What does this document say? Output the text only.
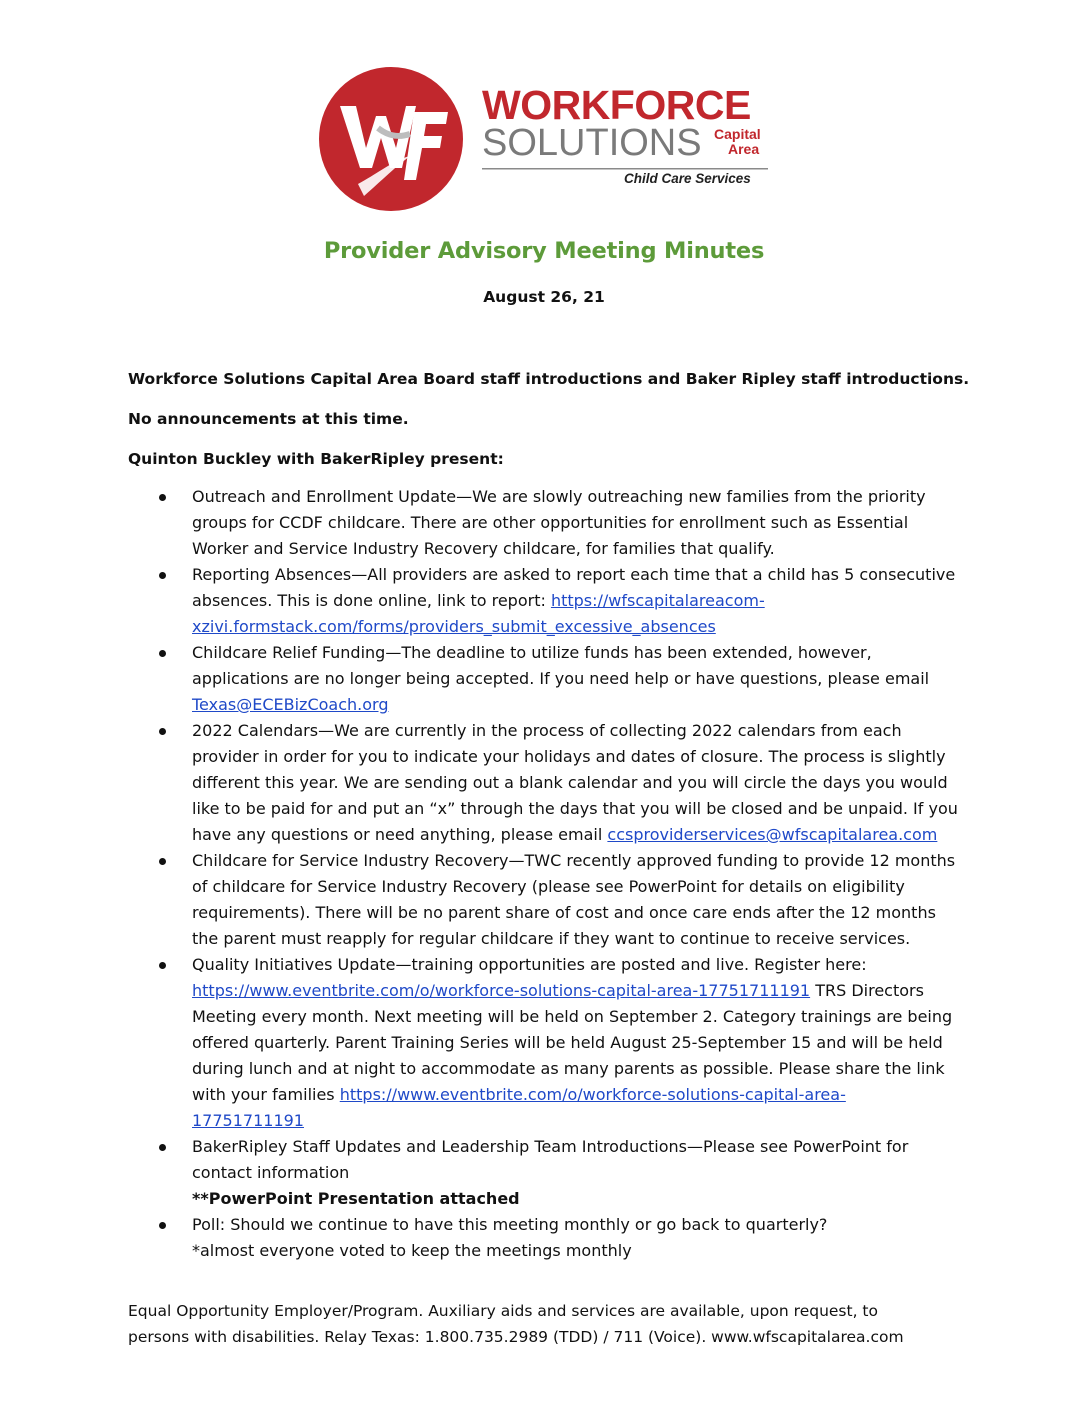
WORKFORCE
SOLUTIONS Capital
Area
Child Care Services
Provider Advisory Meeting Minutes
August 26, 21
Workforce Solutions Capital Area Board staff introductions and Baker Ripley staff introductions.
No announcements at this time.
Quinton Buckley with BakerRipley present:
Outreach and Enrollment Update—We are slowly outreaching new families from the priority
groups for CCDF childcare. There are other opportunities for enrollment such as Essential
Worker and Service Industry Recovery childcare, for families that qualify.
Reporting Absences—All providers are asked to report each time that a child has 5 consecutive
absences. This is done online, link to report: https://wfscapitalareacom-
xzivi.formstack.com/forms/providers_submit_excessive_absences
Childcare Relief Funding—The deadline to utilize funds has been extended, however,
applications are no longer being accepted. If you need help or have questions, please email
Texas@ECEBizCoach.org
2022 Calendars—We are currently in the process of collecting 2022 calendars from each
provider in order for you to indicate your holidays and dates of closure. The process is slightly
different this year. We are sending out a blank calendar and you will circle the days you would
like to be paid for and put an “x” through the days that you will be closed and be unpaid. If you
have any questions or need anything, please email ccsproviderservices@wfscapitalarea.com
Childcare for Service Industry Recovery—TWC recently approved funding to provide 12 months
of childcare for Service Industry Recovery (please see PowerPoint for details on eligibility
requirements). There will be no parent share of cost and once care ends after the 12 months
the parent must reapply for regular childcare if they want to continue to receive services.
Quality Initiatives Update—training opportunities are posted and live. Register here:
https://www.eventbrite.com/o/workforce-solutions-capital-area-17751711191 TRS Directors
Meeting every month. Next meeting will be held on September 2. Category trainings are being
offered quarterly. Parent Training Series will be held August 25-September 15 and will be held
during lunch and at night to accommodate as many parents as possible. Please share the link
with your families https://www.eventbrite.com/o/workforce-solutions-capital-area-
17751711191
BakerRipley Staff Updates and Leadership Team Introductions—Please see PowerPoint for
contact information
**PowerPoint Presentation attached
Poll: Should we continue to have this meeting monthly or go back to quarterly?
*almost everyone voted to keep the meetings monthly
Equal Opportunity Employer/Program. Auxiliary aids and services are available, upon request, to
persons with disabilities. Relay Texas: 1.800.735.2989 (TDD) / 711 (Voice). www.wfscapitalarea.com
